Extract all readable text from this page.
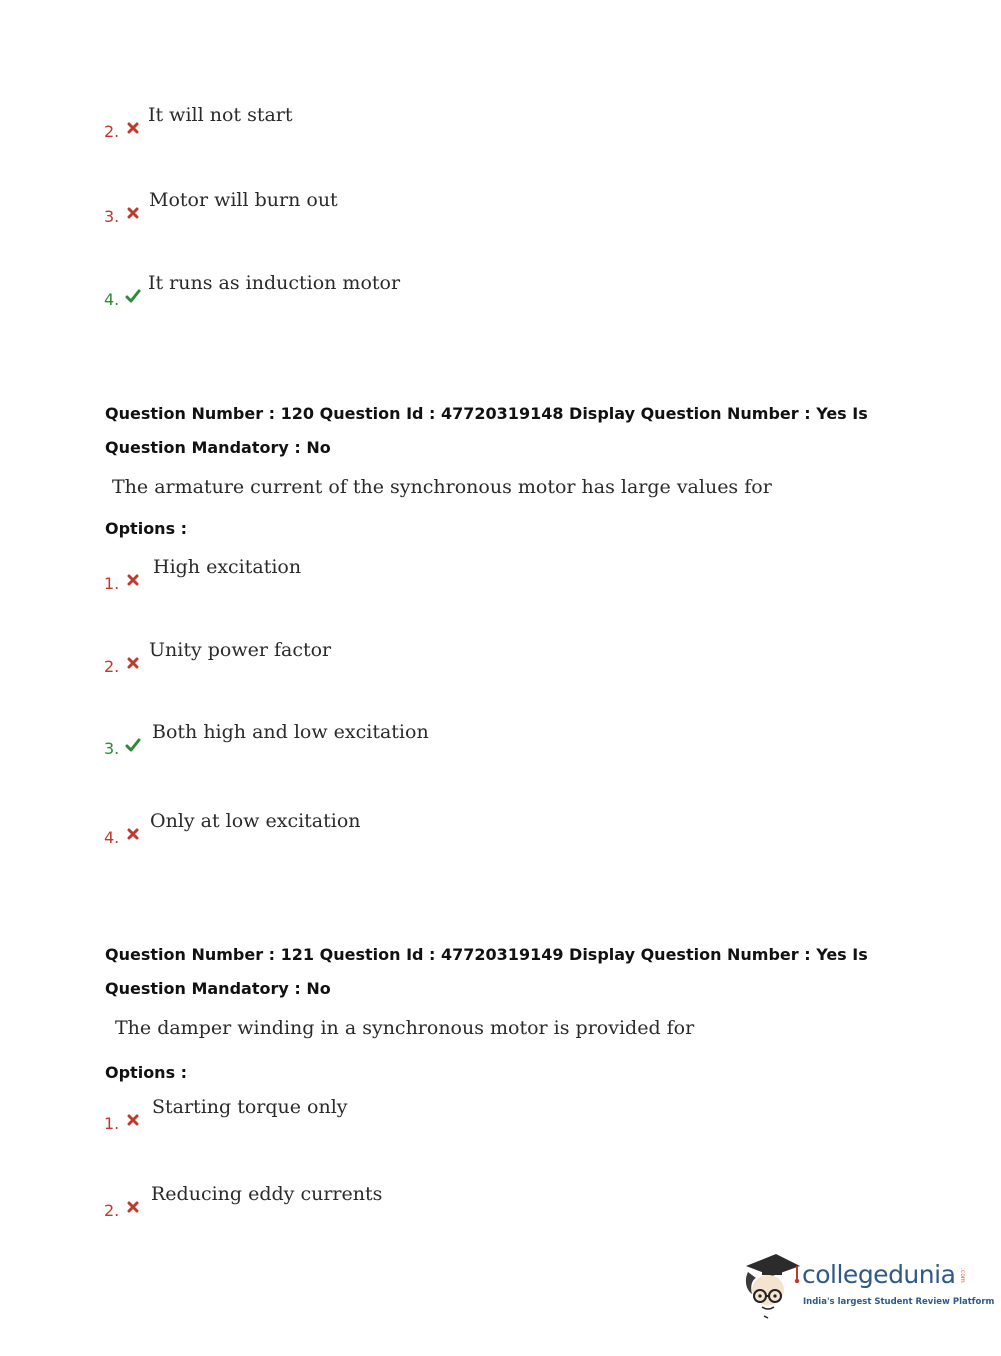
2.
It will not start
3.
Motor will burn out
4.
It runs as induction motor
Question Number : 120 Question Id : 47720319148 Display Question Number : Yes Is Question Mandatory : No
The armature current of the synchronous motor has large values for
Options :
1.
High excitation
2.
Unity power factor
3.
Both high and low excitation
4.
Only at low excitation
Question Number : 121 Question Id : 47720319149 Display Question Number : Yes Is Question Mandatory : No
The damper winding in a synchronous motor is provided for
Options :
1.
Starting torque only
2.
Reducing eddy currents
collegedunia .com
India's largest Student Review Platform
